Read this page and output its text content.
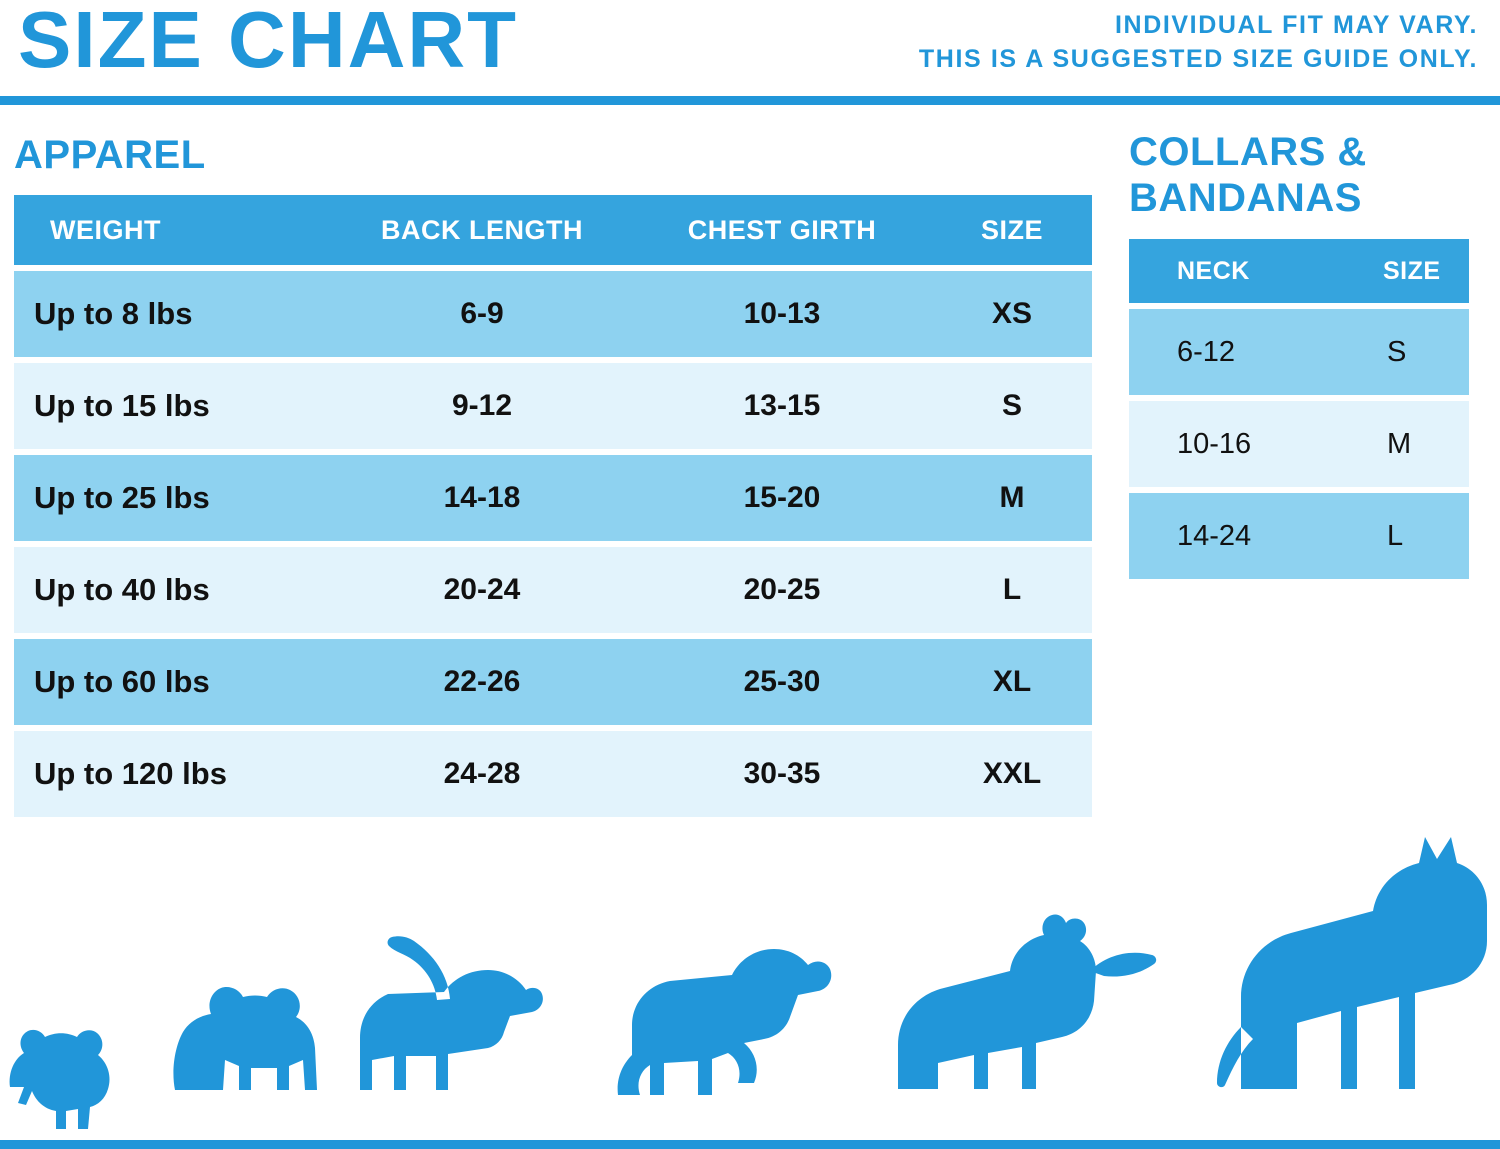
SIZE CHART	INDIVIDUAL FIT MAY VARY.
THIS IS A SUGGESTED SIZE GUIDE ONLY.
APPAREL
WEIGHT	BACK LENGTH	CHEST GIRTH	SIZE
Up to 8 lbs	6-9	10-13	XS
Up to 15 lbs	9-12	13-15	S
Up to 25 lbs	14-18	15-20	M
Up to 40 lbs	20-24	20-25	L
Up to 60 lbs	22-26	25-30	XL
Up to 120 lbs	24-28	30-35	XXL
COLLARS &
BANDANAS
NECK	SIZE
6-12	S
10-16	M
14-24	L
